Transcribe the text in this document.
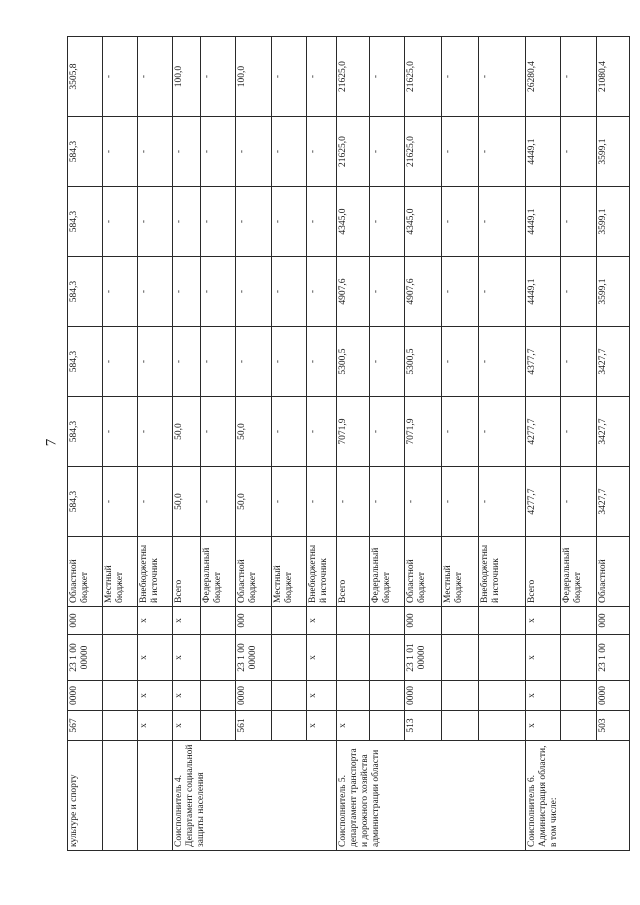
7
культуре и спорту	567	0000	23 1 00 00000	000	Областной бюджет	584,3	584,3	584,3	584,3	584,3	584,3	3505,8
					Местный бюджет	-	-	-	-	-	-	-
	x	x	x	x	Внебюджетный источник	-	-	-	-	-	-	-
Соисполнитель 4. Департамент социальной защиты населения	x	x	x	x	Всего	50,0	50,0	-	-	-	-	100,0
					Федеральный бюджет	-	-	-	-	-	-	-
	561	0000	23 1 00 00000	000	Областной бюджет	50,0	50,0	-	-	-	-	100,0
					Местный бюджет	-	-	-	-	-	-	-
	x	x	x	x	Внебюджетный источник	-	-	-	-	-	-	-
Соисполнитель 5. департамент транспорта и дорожного хозяйства администрации области	x				Всего	-	7071,9	5300,5	4907,6	4345,0	21625,0	21625,0
					Федеральный бюджет	-	-	-	-	-	-	-
	513	0000	23 1 01 00000	000	Областной бюджет	-	7071,9	5300,5	4907,6	4345,0	21625,0	21625,0
					Местный бюджет	-	-	-	-	-	-	-
					Внебюджетный источник	-	-	-	-	-	-	-
Соисполнитель 6. Администрация области, в том числе:	x	x	x	x	Всего	4277,7	4277,7	4377,7	4449,1	4449,1	4449,1	26280,4
					Федеральный бюджет	-	-	-	-	-	-	-
	503	0000	23 1 00	000	Областной	3427,7	3427,7	3427,7	3599,1	3599,1	3599,1	21080,4
